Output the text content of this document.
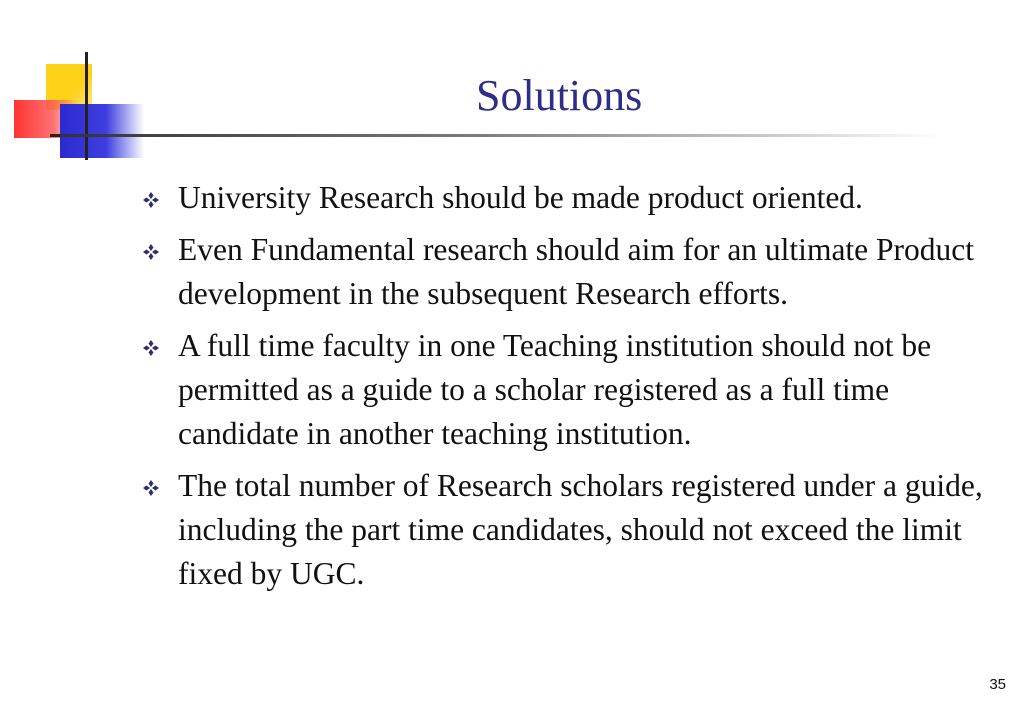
Solutions
University Research should be made product oriented.
Even Fundamental research should aim for an ultimate Product development in the subsequent Research efforts.
A full time faculty in one Teaching institution should not be permitted as a guide to a scholar registered as a full time candidate in another teaching institution.
The total number of Research scholars registered under a guide, including the part time candidates, should not exceed the limit fixed by UGC.
35
